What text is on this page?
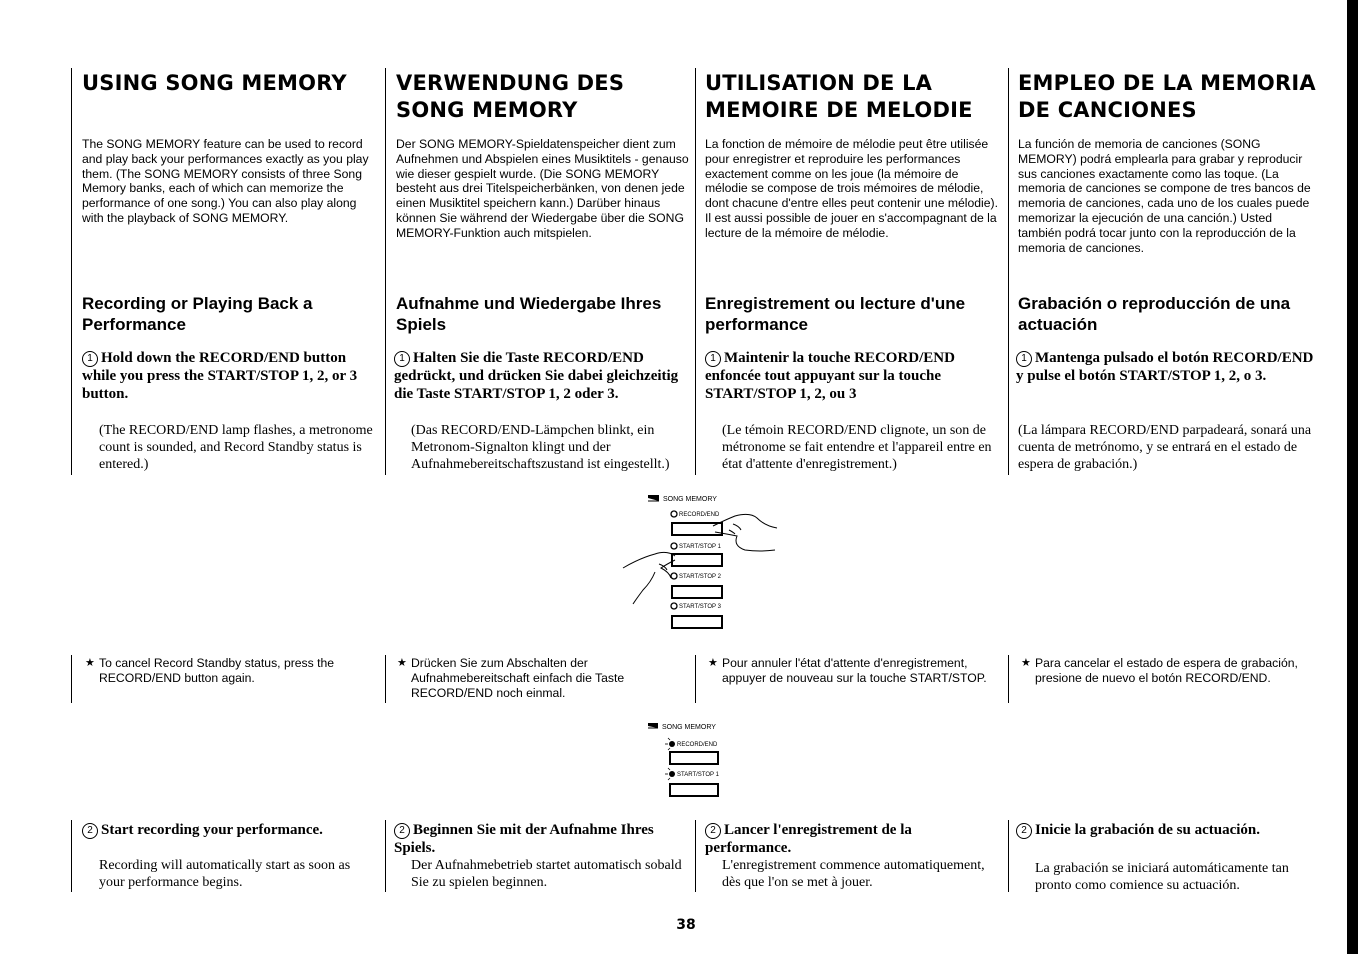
USING SONG MEMORY
The SONG MEMORY feature can be used to record and play back your performances exactly as you play them. (The SONG MEMORY consists of three Song Memory banks, each of which can memorize the performance of one song.) You can also play along with the playback of SONG MEMORY.
Recording or Playing Back a Performance
1 Hold down the RECORD/END button while you press the START/STOP 1, 2, or 3 button.
(The RECORD/END lamp flashes, a metronome count is sounded, and Record Standby status is entered.)
★ To cancel Record Standby status, press the RECORD/END button again.
2 Start recording your performance.
Recording will automatically start as soon as your performance begins.
VERWENDUNG DES SONG MEMORY
Der SONG MEMORY-Spieldatenspeicher dient zum Aufnehmen und Abspielen eines Musiktitels - genauso wie dieser gespielt wurde. (Die SONG MEMORY besteht aus drei Titelspeicherbänken, von denen jede einen Musiktitel speichern kann.) Darüber hinaus können Sie während der Wiedergabe über die SONG MEMORY-Funktion auch mitspielen.
Aufnahme und Wiedergabe Ihres Spiels
1 Halten Sie die Taste RECORD/END gedrückt, und drücken Sie dabei gleichzeitig die Taste START/STOP 1, 2 oder 3.
(Das RECORD/END-Lämpchen blinkt, ein Metronom-Signalton klingt und der Aufnahmebereitschaftszustand ist eingestellt.)
★ Drücken Sie zum Abschalten der Aufnahmebereitschaft einfach die Taste RECORD/END noch einmal.
2 Beginnen Sie mit der Aufnahme Ihres Spiels.
Der Aufnahmebetrieb startet automatisch sobald Sie zu spielen beginnen.
UTILISATION DE LA MEMOIRE DE MELODIE
La fonction de mémoire de mélodie peut être utilisée pour enregistrer et reproduire les performances exactement comme on les joue (la mémoire de mélodie se compose de trois mémoires de mélodie, dont chacune d'entre elles peut contenir une mélodie). Il est aussi possible de jouer en s'accompagnant de la lecture de la mémoire de mélodie.
Enregistrement ou lecture d'une performance
1 Maintenir la touche RECORD/END enfoncée tout appuyant sur la touche START/STOP 1, 2, ou 3
(Le témoin RECORD/END clignote, un son de métronome se fait entendre et l'appareil entre en état d'attente d'enregistrement.)
★ Pour annuler l'état d'attente d'enregistrement, appuyer de nouveau sur la touche START/STOP.
2 Lancer l'enregistrement de la performance.
L'enregistrement commence automatiquement, dès que l'on se met à jouer.
EMPLEO DE LA MEMORIA DE CANCIONES
La función de memoria de canciones (SONG MEMORY) podrá emplearla para grabar y reproducir sus canciones exactamente como las toque. (La memoria de canciones se compone de tres bancos de memoria de canciones, cada uno de los cuales puede memorizar la ejecución de una canción.) Usted también podrá tocar junto con la reproducción de la memoria de canciones.
Grabación o reproducción de una actuación
1 Mantenga pulsado el botón RECORD/END y pulse el botón START/STOP 1, 2, o 3.
(La lámpara RECORD/END parpadeará, sonará una cuenta de metrónomo, y se entrará en el estado de espera de grabación.)
★ Para cancelar el estado de espera de grabación, presione de nuevo el botón RECORD/END.
2 Inicie la grabación de su actuación.
La grabación se iniciará automáticamente tan pronto como comience su actuación.
SONG MEMORY
RECORD/END
START/STOP 1
START/STOP 2
START/STOP 3
SONG MEMORY
RECORD/END
START/STOP 1
38
